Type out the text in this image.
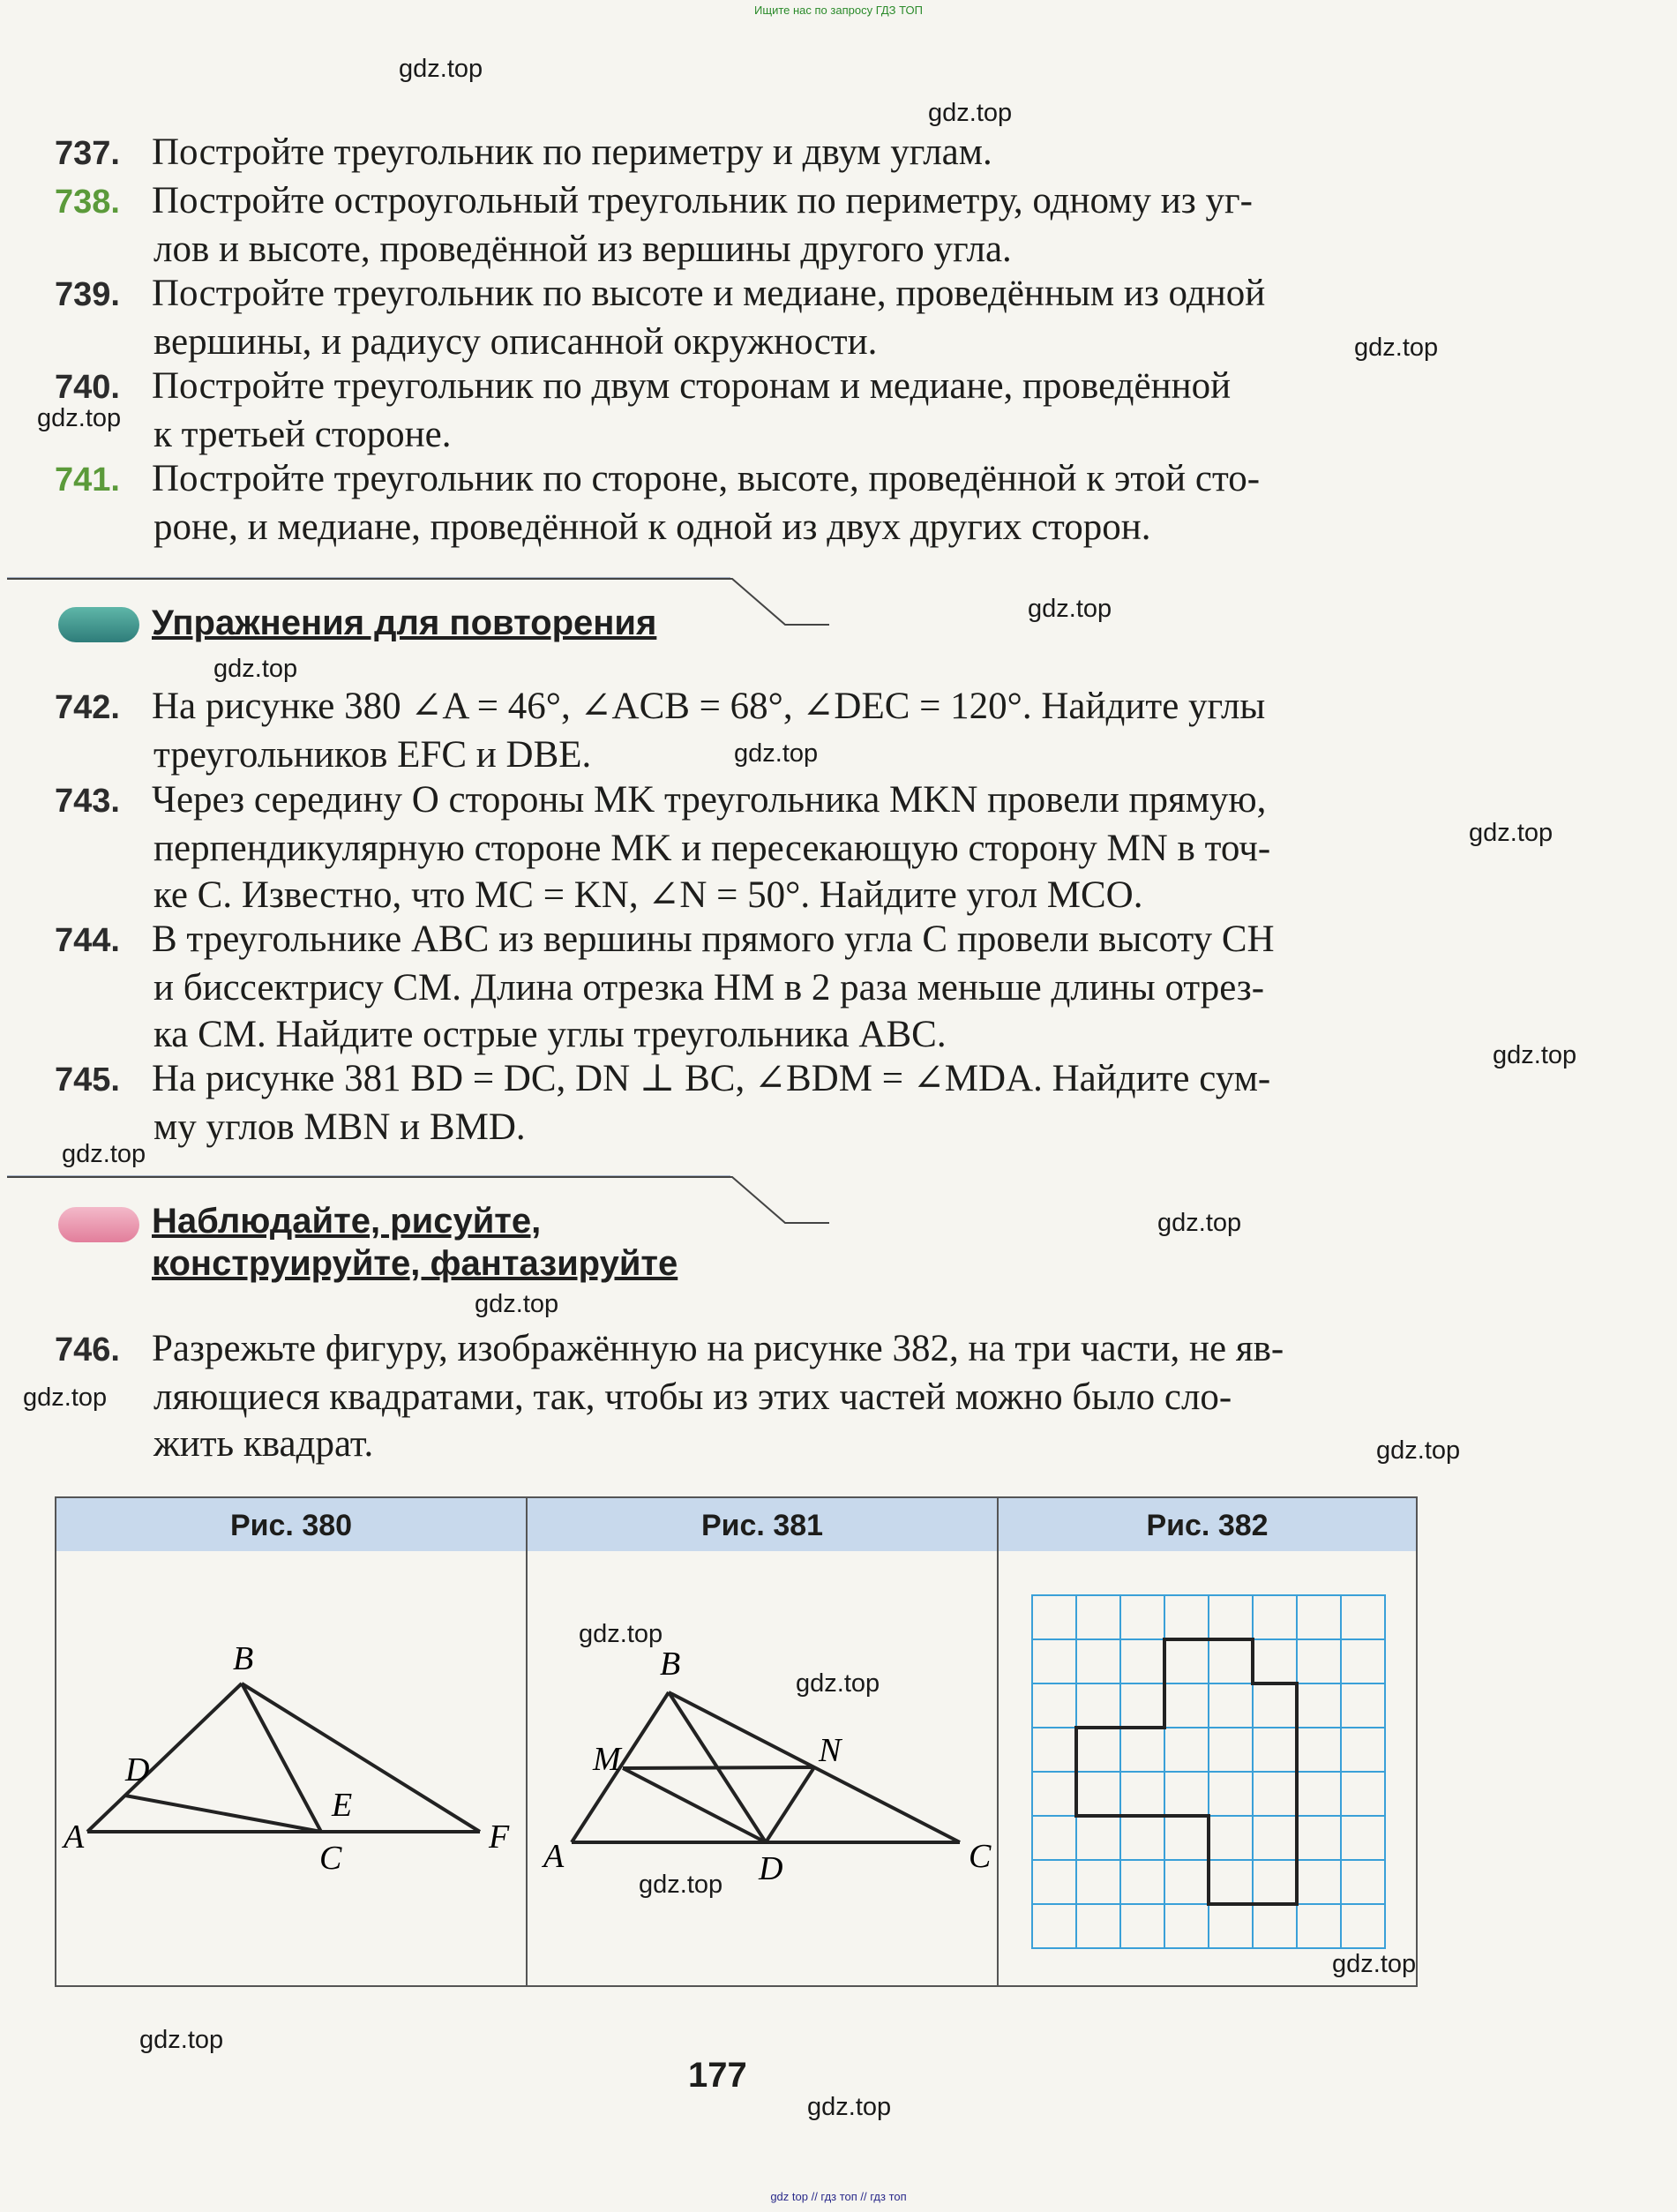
Ищите нас по запросу ГДЗ ТОП
gdz.top
gdz.top
gdz.top
gdz.top
gdz.top
gdz.top
gdz.top
gdz.top
gdz.top
gdz.top
gdz.top
gdz.top
gdz.top
gdz.top
gdz.top
gdz.top
gdz.top
gdz.top
gdz.top
gdz.top
737. Постройте треугольник по периметру и двум углам.
738. Постройте остроугольный треугольник по периметру, одному из уг-
лов и высоте, проведённой из вершины другого угла.
739. Постройте треугольник по высоте и медиане, проведённым из одной
вершины, и радиусу описанной окружности.
740. Постройте треугольник по двум сторонам и медиане, проведённой
к третьей стороне.
741. Постройте треугольник по стороне, высоте, проведённой к этой сто-
роне, и медиане, проведённой к одной из двух других сторон.
Упражнения для повторения
742. На рисунке 380 ∠A = 46°, ∠ACB = 68°, ∠DEC = 120°. Найдите углы
треугольников EFC и DBE.
743. Через середину O стороны MK треугольника MKN провели прямую,
перпендикулярную стороне MK и пересекающую сторону MN в точ-
ке C. Известно, что MC = KN, ∠N = 50°. Найдите угол MCO.
744. В треугольнике ABC из вершины прямого угла C провели высоту CH
и биссектрису CM. Длина отрезка HM в 2 раза меньше длины отрез-
ка CM. Найдите острые углы треугольника ABC.
745. На рисунке 381 BD = DC, DN ⊥ BC, ∠BDM = ∠MDA. Найдите сум-
му углов MBN и BMD.
Наблюдайте, рисуйте,
конструируйте, фантазируйте
746. Разрежьте фигуру, изображённую на рисунке 382, на три части, не яв-
ляющиеся квадратами, так, чтобы из этих частей можно было сло-
жить квадрат.
Рис. 380
A
B
C
D
E
F
Рис. 381
A
B
C
D
M	N
Рис. 382
177
gdz top // гдз топ // гдз топ
